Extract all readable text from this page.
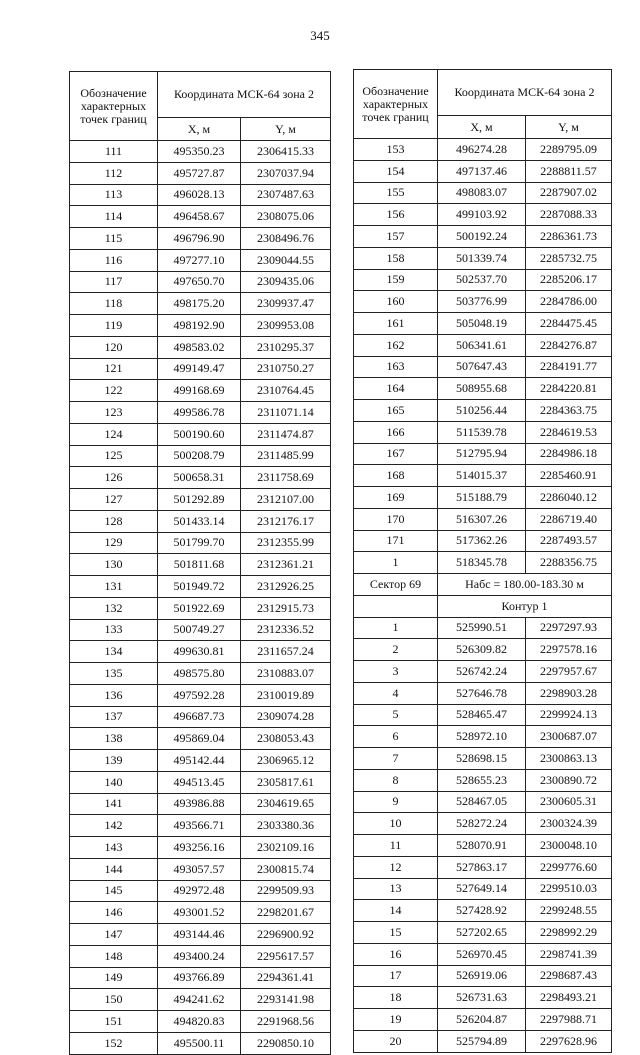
345
Обозначение характерных точек границ	Координата МСК-64 зона 2	
	X, м	Y, м
111	495350.23	2306415.33
112	495727.87	2307037.94
113	496028.13	2307487.63
114	496458.67	2308075.06
115	496796.90	2308496.76
116	497277.10	2309044.55
117	497650.70	2309435.06
118	498175.20	2309937.47
119	498192.90	2309953.08
120	498583.02	2310295.37
121	499149.47	2310750.27
122	499168.69	2310764.45
123	499586.78	2311071.14
124	500190.60	2311474.87
125	500208.79	2311485.99
126	500658.31	2311758.69
127	501292.89	2312107.00
128	501433.14	2312176.17
129	501799.70	2312355.99
130	501811.68	2312361.21
131	501949.72	2312926.25
132	501922.69	2312915.73
133	500749.27	2312336.52
134	499630.81	2311657.24
135	498575.80	2310883.07
136	497592.28	2310019.89
137	496687.73	2309074.28
138	495869.04	2308053.43
139	495142.44	2306965.12
140	494513.45	2305817.61
141	493986.88	2304619.65
142	493566.71	2303380.36
143	493256.16	2302109.16
144	493057.57	2300815.74
145	492972.48	2299509.93
146	493001.52	2298201.67
147	493144.46	2296900.92
148	493400.24	2295617.57
149	493766.89	2294361.41
150	494241.62	2293141.98
151	494820.83	2291968.56
152	495500.11	2290850.10
Обозначение характерных точек границ	Координата МСК-64 зона 2	
	X, м	Y, м
153	496274.28	2289795.09
154	497137.46	2288811.57
155	498083.07	2287907.02
156	499103.92	2287088.33
157	500192.24	2286361.73
158	501339.74	2285732.75
159	502537.70	2285206.17
160	503776.99	2284786.00
161	505048.19	2284475.45
162	506341.61	2284276.87
163	507647.43	2284191.77
164	508955.68	2284220.81
165	510256.44	2284363.75
166	511539.78	2284619.53
167	512795.94	2284986.18
168	514015.37	2285460.91
169	515188.79	2286040.12
170	516307.26	2286719.40
171	517362.26	2287493.57
1	518345.78	2288356.75
Сектор 69	Набс = 180.00-183.30 м	
	Контур 1	
1	525990.51	2297297.93
2	526309.82	2297578.16
3	526742.24	2297957.67
4	527646.78	2298903.28
5	528465.47	2299924.13
6	528972.10	2300687.07
7	528698.15	2300863.13
8	528655.23	2300890.72
9	528467.05	2300605.31
10	528272.24	2300324.39
11	528070.91	2300048.10
12	527863.17	2299776.60
13	527649.14	2299510.03
14	527428.92	2299248.55
15	527202.65	2298992.29
16	526970.45	2298741.39
17	526919.06	2298687.43
18	526731.63	2298493.21
19	526204.87	2297988.71
20	525794.89	2297628.96
